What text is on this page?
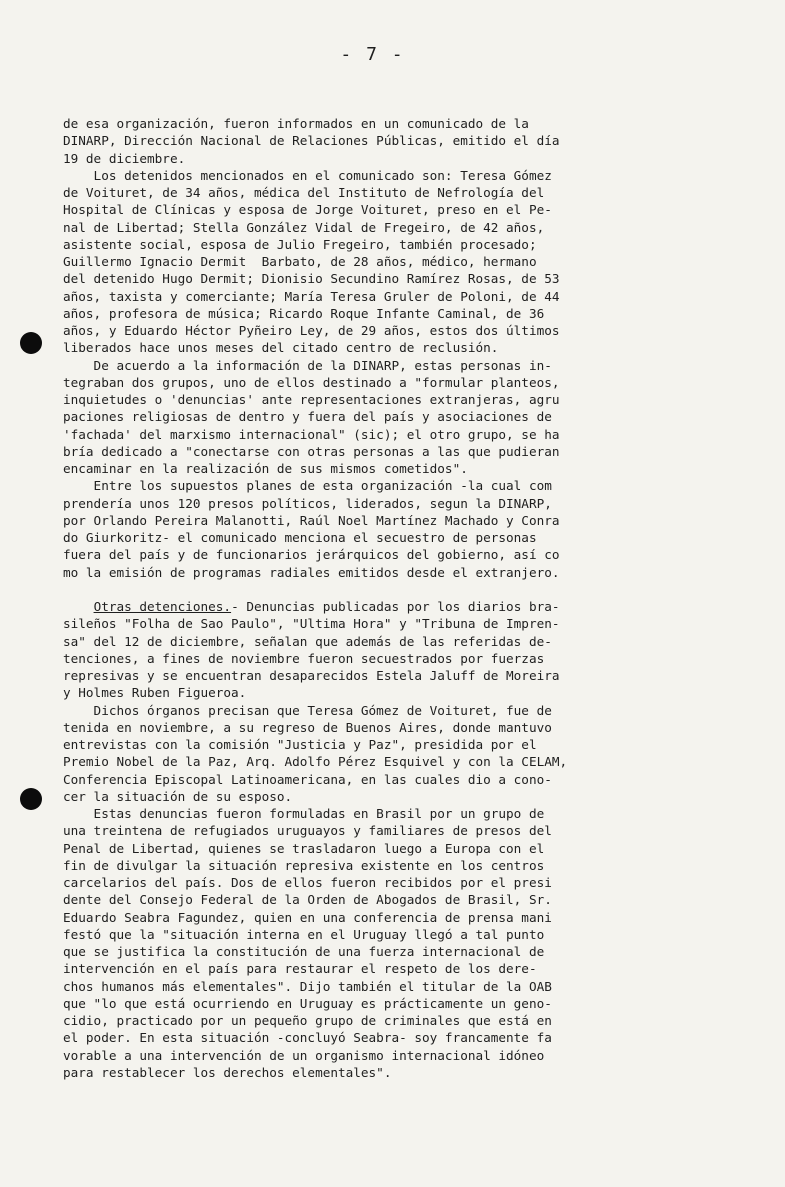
- 7 -
de esa organización, fueron informados en un comunicado de la
DINARP, Dirección Nacional de Relaciones Públicas, emitido el día
19 de diciembre.
Los detenidos mencionados en el comunicado son: Teresa Gómez
de Voituret, de 34 años, médica del Instituto de Nefrología del
Hospital de Clínicas y esposa de Jorge Voituret, preso en el Pe-
nal de Libertad; Stella González Vidal de Fregeiro, de 42 años,
asistente social, esposa de Julio Fregeiro, también procesado;
Guillermo Ignacio Dermit  Barbato, de 28 años, médico, hermano
del detenido Hugo Dermit; Dionisio Secundino Ramírez Rosas, de 53
años, taxista y comerciante; María Teresa Gruler de Poloni, de 44
años, profesora de música; Ricardo Roque Infante Caminal, de 36
años, y Eduardo Héctor Pyñeiro Ley, de 29 años, estos dos últimos
liberados hace unos meses del citado centro de reclusión.
De acuerdo a la información de la DINARP, estas personas in-
tegraban dos grupos, uno de ellos destinado a "formular planteos,
inquietudes o 'denuncias' ante representaciones extranjeras, agru
paciones religiosas de dentro y fuera del país y asociaciones de
'fachada' del marxismo internacional" (sic); el otro grupo, se ha
bría dedicado a "conectarse con otras personas a las que pudieran
encaminar en la realización de sus mismos cometidos".
Entre los supuestos planes de esta organización -la cual com
prendería unos 120 presos políticos, liderados, segun la DINARP,
por Orlando Pereira Malanotti, Raúl Noel Martínez Machado y Conra
do Giurkoritz- el comunicado menciona el secuestro de personas
fuera del país y de funcionarios jerárquicos del gobierno, así co
mo la emisión de programas radiales emitidos desde el extranjero.
Otras detenciones.- Denuncias publicadas por los diarios bra-
sileños "Folha de Sao Paulo", "Ultima Hora" y "Tribuna de Impren-
sa" del 12 de diciembre, señalan que además de las referidas de-
tenciones, a fines de noviembre fueron secuestrados por fuerzas
represivas y se encuentran desaparecidos Estela Jaluff de Moreira
y Holmes Ruben Figueroa.
Dichos órganos precisan que Teresa Gómez de Voituret, fue de
tenida en noviembre, a su regreso de Buenos Aires, donde mantuvo
entrevistas con la comisión "Justicia y Paz", presidida por el
Premio Nobel de la Paz, Arq. Adolfo Pérez Esquivel y con la CELAM,
Conferencia Episcopal Latinoamericana, en las cuales dio a cono-
cer la situación de su esposo.
Estas denuncias fueron formuladas en Brasil por un grupo de
una treintena de refugiados uruguayos y familiares de presos del
Penal de Libertad, quienes se trasladaron luego a Europa con el
fin de divulgar la situación represiva existente en los centros
carcelarios del país. Dos de ellos fueron recibidos por el presi
dente del Consejo Federal de la Orden de Abogados de Brasil, Sr.
Eduardo Seabra Fagundez, quien en una conferencia de prensa mani
festó que la "situación interna en el Uruguay llegó a tal punto
que se justifica la constitución de una fuerza internacional de
intervención en el país para restaurar el respeto de los dere-
chos humanos más elementales". Dijo también el titular de la OAB
que "lo que está ocurriendo en Uruguay es prácticamente un geno-
cidio, practicado por un pequeño grupo de criminales que está en
el poder. En esta situación -concluyó Seabra- soy francamente fa
vorable a una intervención de un organismo internacional idóneo
para restablecer los derechos elementales".
